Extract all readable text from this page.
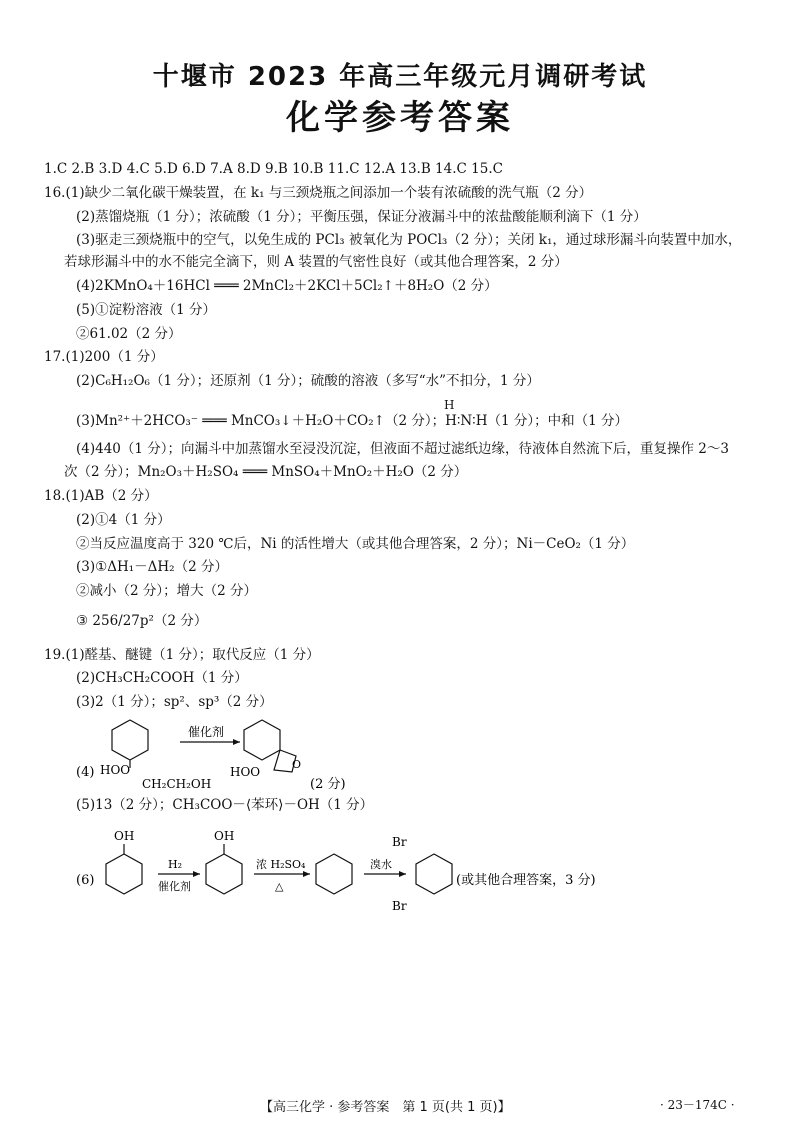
十堰市 2023 年高三年级元月调研考试
化学参考答案
1.C 2.B 3.D 4.C 5.D 6.D 7.A 8.D 9.B 10.B 11.C 12.A 13.B 14.C 15.C
16.(1)缺少二氧化碳干燥装置，在 k₁ 与三颈烧瓶之间添加一个装有浓硫酸的洗气瓶（2 分）
(2)蒸馏烧瓶（1 分）；浓硫酸（1 分）；平衡压强，保证分液漏斗中的浓盐酸能顺利滴下（1 分）
(3)驱走三颈烧瓶中的空气，以免生成的 PCl₃ 被氧化为 POCl₃（2 分）；关闭 k₁，通过球形漏斗向装置中加水，
若球形漏斗中的水不能完全滴下，则 A 装置的气密性良好（或其他合理答案，2 分）
(4)2KMnO₄＋16HCl ═══ 2MnCl₂＋2KCl＋5Cl₂↑＋8H₂O（2 分）
(5)①淀粉溶液（1 分）
②61.02（2 分）
17.(1)200（1 分）
(2)C₆H₁₂O₆（1 分）；还原剂（1 分）；硫酸的溶液（多写“水”不扣分，1 分）
H
(3)Mn²⁺＋2HCO₃⁻ ═══ MnCO₃↓＋H₂O＋CO₂↑（2 分）；H∶N∶H（1 分）；中和（1 分）
(4)440（1 分）；向漏斗中加蒸馏水至浸没沉淀，但液面不超过滤纸边缘，待液体自然流下后，重复操作 2～3
次（2 分）；Mn₂O₃＋H₂SO₄ ═══ MnSO₄＋MnO₂＋H₂O（2 分）
18.(1)AB（2 分）
(2)①4（1 分）
②当反应温度高于 320 ℃后，Ni 的活性增大（或其他合理答案，2 分）；Ni－CeO₂（1 分）
(3)①ΔH₁－ΔH₂（2 分）
②减小（2 分）；增大（2 分）
③ 256/27p²（2 分）
19.(1)醛基、醚键（1 分）；取代反应（1 分）
(2)CH₃CH₂COOH（1 分）
(3)2（1 分）；sp²、sp³（2 分）
(4) HOO
CH₂CH₂OH
催化剂
O
HOO
(2 分)
(5)13（2 分）；CH₃COO－⟨苯环⟩－OH（1 分）
(6)
OH
H₂
催化剂
OH
浓 H₂SO₄
△
溴水
Br
Br
(或其他合理答案，3 分)
【高三化学 · 参考答案　第 1 页(共 1 页)】	· 23－174C ·
